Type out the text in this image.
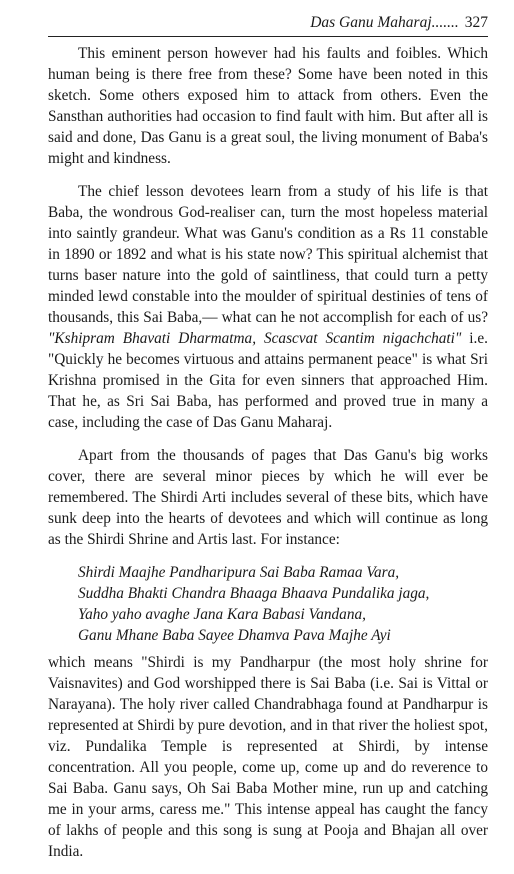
Das Ganu Maharaj....... 327

This eminent person however had his faults and foibles. Which human being is there free from these? Some have been noted in this sketch. Some others exposed him to attack from others. Even the Sansthan authorities had occasion to find fault with him. But after all is said and done, Das Ganu is a great soul, the living monument of Baba's might and kindness.

The chief lesson devotees learn from a study of his life is that Baba, the wondrous God-realiser can, turn the most hopeless material into saintly grandeur. What was Ganu's condition as a Rs 11 constable in 1890 or 1892 and what is his state now? This spiritual alchemist that turns baser nature into the gold of saintliness, that could turn a petty minded lewd constable into the moulder of spiritual destinies of tens of thousands, this Sai Baba,— what can he not accomplish for each of us? "Kshipram Bhavati Dharmatma, Scascvat Scantim nigachchati" i.e. "Quickly he becomes virtuous and attains permanent peace" is what Sri Krishna promised in the Gita for even sinners that approached Him. That he, as Sri Sai Baba, has performed and proved true in many a case, including the case of Das Ganu Maharaj.

Apart from the thousands of pages that Das Ganu's big works cover, there are several minor pieces by which he will ever be remembered. The Shirdi Arti includes several of these bits, which have sunk deep into the hearts of devotees and which will continue as long as the Shirdi Shrine and Artis last. For instance:

Shirdi Maajhe Pandharipura Sai Baba Ramaa Vara,
Suddha Bhakti Chandra Bhaaga Bhaava Pundalika jaga,
Yaho yaho avaghe Jana Kara Babasi Vandana,
Ganu Mhane Baba Sayee Dhamva Pava Majhe Ayi

which means "Shirdi is my Pandharpur (the most holy shrine for Vaisnavites) and God worshipped there is Sai Baba (i.e. Sai is Vittal or Narayana). The holy river called Chandrabhaga found at Pandharpur is represented at Shirdi by pure devotion, and in that river the holiest spot, viz. Pundalika Temple is represented at Shirdi, by intense concentration. All you people, come up, come up and do reverence to Sai Baba. Ganu says, Oh Sai Baba Mother mine, run up and catching me in your arms, caress me." This intense appeal has caught the fancy of lakhs of people and this song is sung at Pooja and Bhajan all over India.
